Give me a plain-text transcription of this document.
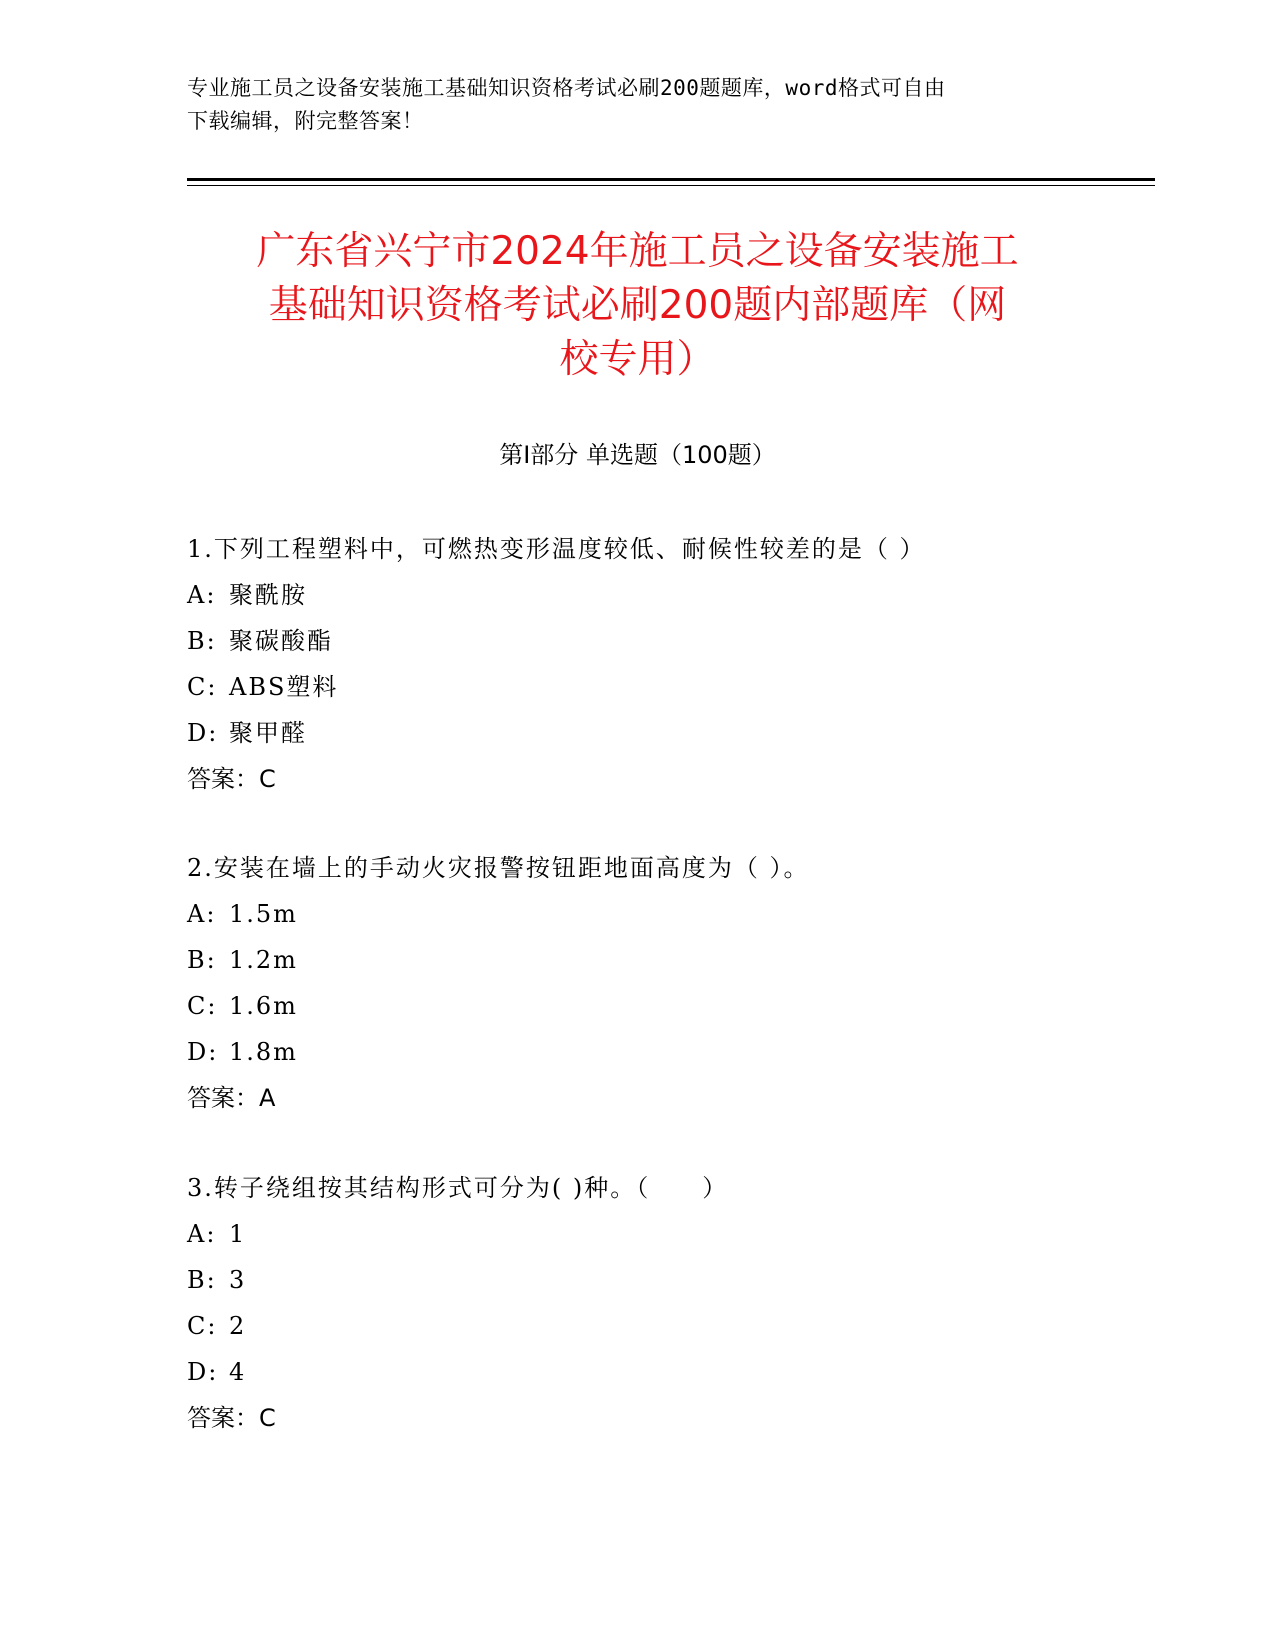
专业施工员之设备安装施工基础知识资格考试必刷200题题库，word格式可自由
下载编辑，附完整答案！
广东省兴宁市2024年施工员之设备安装施工
基础知识资格考试必刷200题内部题库（网
校专用）
第Ⅰ部分 单选题（100题）
1.下列工程塑料中，可燃热变形温度较低、耐候性较差的是（ ）
A: 聚酰胺
B: 聚碳酸酯
C: ABS塑料
D: 聚甲醛
答案：C
2.安装在墙上的手动火灾报警按钮距地面高度为（ ）。
A: 1.5m
B: 1.2m
C: 1.6m
D: 1.8m
答案：A
3.转子绕组按其结构形式可分为( )种。（　　）
A: 1
B: 3
C: 2
D: 4
答案：C
